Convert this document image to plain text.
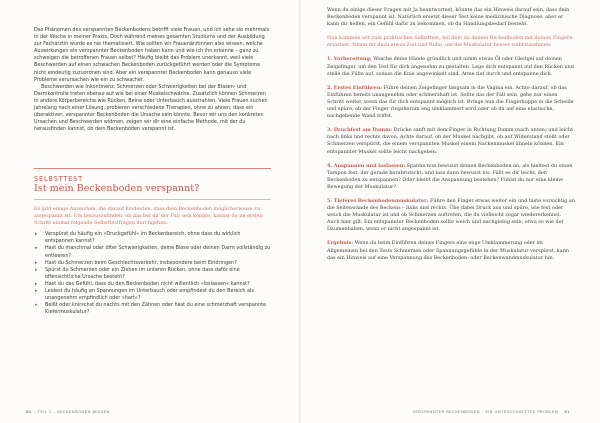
Das Phänomen des verspannten Beckenbodens betrifft viele Frauen, und ich sehe sie mehrmals in der Woche in meiner Praxis. Doch während meines gesamten Studiums und der Ausbildung zur Fachärztin wurde es nie thematisiert. Wie sollten wir Frauenärztinnen also wissen, welche Auswirkungen ein verspannter Beckenboden haben kann und wie ich ihn erkenne – ganz zu schweigen die betroffenen Frauen selbst? Häufig bleibt das Problem unerkannt, weil viele Beschwerden auf einen schwachen Beckenboden zurückgeführt werden oder die Symptome nicht eindeutig zuzuordnen sind. Aber ein verspannter Beckenboden kann genauso viele Probleme verursachen wie ein zu schwacher.

Beschwerden wie Inkontinenz, Schmerzen oder Schwierigkeiten bei der Blasen- und Darmkontrolle treten ebenso auf wie bei einer Muskelschwäche. Zusätzlich können Schmerzen in andere Körperbereiche wie Rücken, Beine oder Unterbauch ausstrahlen. Viele Frauen suchen jahrelang nach einer Lösung, probieren verschiedene Therapien, ohne zu ahnen, dass ein überaktiver, verspannter Beckenboden die Ursache sein könnte. Bevor wir uns den konkreten Ursachen und Beschwerden widmen, zeigen wir dir eine einfache Methode, mit der du herausfinden kannst, ob dein Beckenboden verspannt ist.

SELBSTTEST
Ist mein Beckenboden verspannt?
Es gibt einige Anzeichen, die darauf hindeuten, dass dein Beckenboden möglicherweise zu angespannt ist. Um herauszufinden, ob das bei dir der Fall sein könnte, kannst du im ersten Schritt einmal folgende Selbsttestfragen durchgehen:
▸ Verspürst du häufig ein »Druckgefühl« im Beckenbereich, ohne dass du wirklich entspannen kannst?
▸ Hast du manchmal oder öfter Schwierigkeiten, deine Blase oder deinen Darm vollständig zu entleeren?
▸ Hast du Schmerzen beim Geschlechtsverkehr, insbesondere beim Eindringen?
▸ Spürst du Schmerzen oder ein Ziehen im unteren Rücken, ohne dass daför eine offensichtliche Ursache besteht?
▸ Hast du das Gefühl, dass du den Beckenboden nicht willentlich »loslassen« kannst?
▸ Leidest du häufig an Spannungen im Unterbauch oder empfindest du den Bereich als unangenehm empfindlich oder »hart«?
▸ Beißt oder knirschst du nachts mit den Zähnen oder hast du eine schmerzhaft verspannte Kiefermuskulatur?
80 TEIL 2 – BECKENBODEN WISSEN

Wenn du einige dieser Fragen mit Ja beantwortest, könnte das ein Hinweis darauf sein, dass dein Beckenboden verspannt ist. Natürlich ersetzt dieser Test keine medizinische Diagnose, aber er kann dir helfen, ein Gefühl dafür zu bekommen, ob du Handlungsbedarf besteht.

Nun kommen wir zum praktischen Selbsttest, bei dem du deinen Beckenboden mit deinen Fingern ertastest. Nimm dir dazu etwas Zeit und Ruhe, um die Muskulatur besser wahrzunehmen:

1. Vorbereitung: Wasche deine Hände gründlich und nimm etwas Öl oder Gleitgel auf deinen Zeigefinger, um den Test für dich angenehm zu gestalten. Lege dich entspannt auf den Rücken und stelle die Füße auf, sodass die Knie angewinkelt sind. Atme tief durch und entspanne dich.

2. Erstes Einführen: Führe deinen Zeigefinger langsam in die Vagina ein. Achte darauf, ob das Einführen bereits unangenehm oder schmerzhaft ist. Sollte das der Fall sein, gehe nur einen Schritt weiter, wenn das für dich entspannt möglich ist. Bringe nun die Fingerkuppe in die Scheide und spüre, ob der Finger ringsherum eng umklammert wird oder ob du auf eine elastische, nachgebende Wand triffst.

3. Druckfest am Damm: Drücke sanft mit dem Finger in Richtung Damm (nach unten) und leicht nach links und rechts davon. Achte darauf, ob der Muskel nachgibt, ob auf Widerstand stößt oder Schmerzen verspürst, die einem verspannten Muskel einem Nackenmuskel ähneln können. Ein entspannter Muskel sollte leicht nachgeben.

4. Anspannen und loslassen: Spanne nun bewusst deinen Beckenboden an, als hieltest du einen Tampon fest, der gerade herabrutscht, und lass dann bewusst los. Fällt es dir leicht, den Beckenboden zu entspannen? Oder bleibt die Anspannung bestehen? Fühlst du nur eine kleine Bewegung der Muskulatur?

5. Tieferes Beckenbodenmuskulatur: Führe den Finger etwas weiter ein und taste vorsichtig an die Seitenwände des Beckens – links und rechts. Übe dabei Druck aus und spüre, wie fest oder weich die Muskulatur ist und ob Schmerzen auftreten, die du vielleicht sogar wiedererkennst. Auch hier gilt: Ein entspannter Beckenboden sollte weich und nachgiebig sein, etwa so wie der Daumenballen, wenn er nicht angespannt ist.

Ergebnis: Wenn du beim Einführen deines Fingers eine enge Umklammerung oder im Allgemeinen bei den Tests Schmerzen oder Spannungsgefühle in der Muskulatur verspürst, kann das ein Hinweis auf eine Verspannung des Beckenboden- oder Beckenwandmuskulatur hin.

VERSPANNTER BECKENBODEN – EIN UNTERSCHÄTZTES PROBLEM 81
